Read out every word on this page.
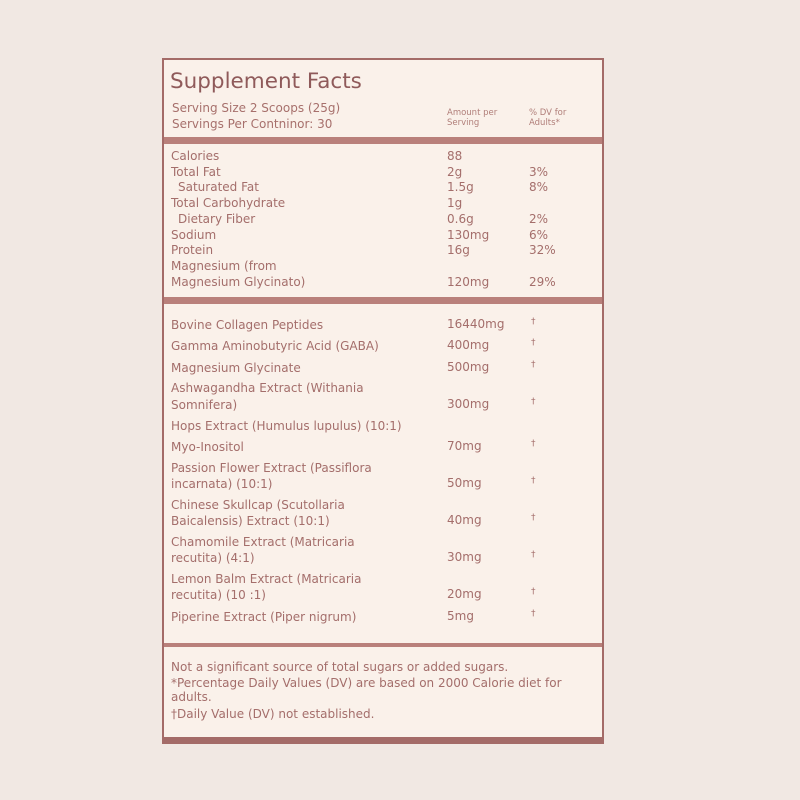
Supplement Facts
Serving Size 2 Scoops (25g)
Servings Per Contninor: 30
Amount per Serving
% DV for Adults*
Calories	88
Total Fat	2g	3%
Saturated Fat	1.5g	8%
Total Carbohydrate	1g
Dietary Fiber	0.6g	2%
Sodium	130mg	6%
Protein	16g	32%
Magnesium (from
Magnesium Glycinato)	120mg	29%
Bovine Collagen Peptides	16440mg	†
Gamma Aminobutyric Acid (GABA)	400mg	†
Magnesium Glycinate	500mg	†
Ashwagandha Extract (Withania
Somnifera)	300mg	†
Hops Extract (Humulus lupulus) (10:1)
Myo-Inositol	70mg	†
Passion Flower Extract (Passiflora
incarnata) (10:1)	50mg	†
Chinese Skullcap (Scutollaria
Baicalensis) Extract (10:1)	40mg	†
Chamomile Extract (Matricaria
recutita) (4:1)	30mg	†
Lemon Balm Extract (Matricaria
recutita) (10 :1)	20mg	†
Piperine Extract (Piper nigrum)	5mg	†
Not a significant source of total sugars or added sugars.
*Percentage Daily Values (DV) are based on 2000 Calorie diet for adults.
†Daily Value (DV) not established.
